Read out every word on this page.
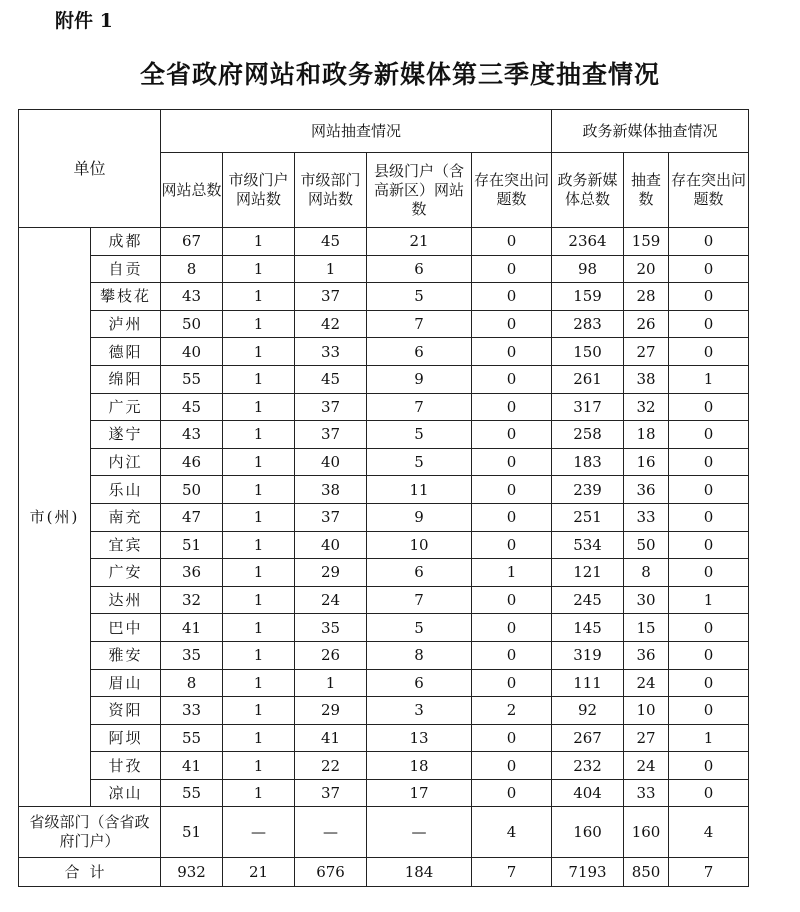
附件 1
全省政府网站和政务新媒体第三季度抽查情况
单位		网站抽查情况					政务新媒体抽查情况		
		网站总数	市级门户网站数	市级部门网站数	县级门户（含高新区）网站数	存在突出问题数	政务新媒体总数	抽查数	存在突出问题数
市(州)	成都	67	1	45	21	0	2364	159	0
	自贡	8	1	1	6	0	98	20	0
	攀枝花	43	1	37	5	0	159	28	0
	泸州	50	1	42	7	0	283	26	0
	德阳	40	1	33	6	0	150	27	0
	绵阳	55	1	45	9	0	261	38	1
	广元	45	1	37	7	0	317	32	0
	遂宁	43	1	37	5	0	258	18	0
	内江	46	1	40	5	0	183	16	0
	乐山	50	1	38	11	0	239	36	0
	南充	47	1	37	9	0	251	33	0
	宜宾	51	1	40	10	0	534	50	0
	广安	36	1	29	6	1	121	8	0
	达州	32	1	24	7	0	245	30	1
	巴中	41	1	35	5	0	145	15	0
	雅安	35	1	26	8	0	319	36	0
	眉山	8	1	1	6	0	111	24	0
	资阳	33	1	29	3	2	92	10	0
	阿坝	55	1	41	13	0	267	27	1
	甘孜	41	1	22	18	0	232	24	0
	凉山	55	1	37	17	0	404	33	0
省级部门（含省政府门户）		51	—	—	—	4	160	160	4
合计		932	21	676	184	7	7193	850	7
